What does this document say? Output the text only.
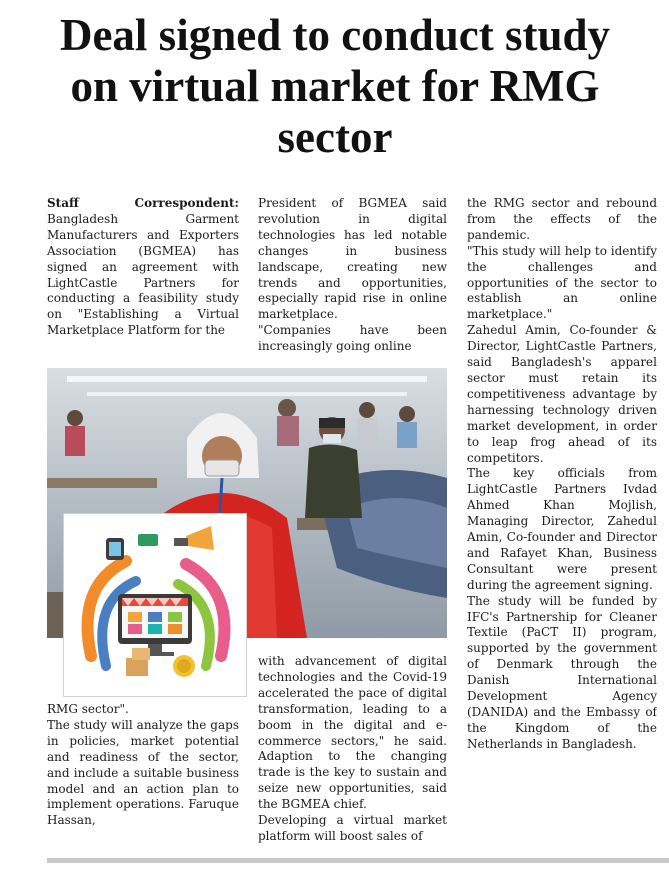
Deal signed to conduct study on virtual market for RMG sector

Staff Correspondent: Bangladesh Garment Manufacturers and Exporters Association (BGMEA) has signed an agreement with LightCastle Partners for conducting a feasibility study on "Establishing a Virtual Marketplace Platform for the

President of BGMEA said revolution in digital technologies has led notable changes in business landscape, creating new trends and opportunities, especially rapid rise in online marketplace.

"Companies have been increasingly going online

RMG sector".

The study will analyze the gaps in policies, market potential and readiness of the sector, and include a suitable business model and an action plan to implement operations. Faruque Hassan,

with advancement of digital technologies and the Covid-19 accelerated the pace of digital transformation, leading to a boom in the digital and e-commerce sectors," he said. Adaption to the changing trade is the key to sustain and seize new opportunities, said the BGMEA chief.

Developing a virtual market platform will boost sales of

the RMG sector and rebound from the effects of the pandemic.

"This study will help to identify the challenges and opportunities of the sector to establish an online marketplace."

Zahedul Amin, Co-founder & Director, LightCastle Partners, said Bangladesh's apparel sector must retain its competitiveness advantage by harnessing technology driven market development, in order to leap frog ahead of its competitors.

The key officials from LightCastle Partners Ivdad Ahmed Khan Mojlish, Managing Director, Zahedul Amin, Co-founder and Director and Rafayet Khan, Business Consultant were present during the agreement signing.

The study will be funded by IFC's Partnership for Cleaner Textile (PaCT II) program, supported by the government of Denmark through the Danish International Development Agency (DANIDA) and the Embassy of the Kingdom of the Netherlands in Bangladesh.
